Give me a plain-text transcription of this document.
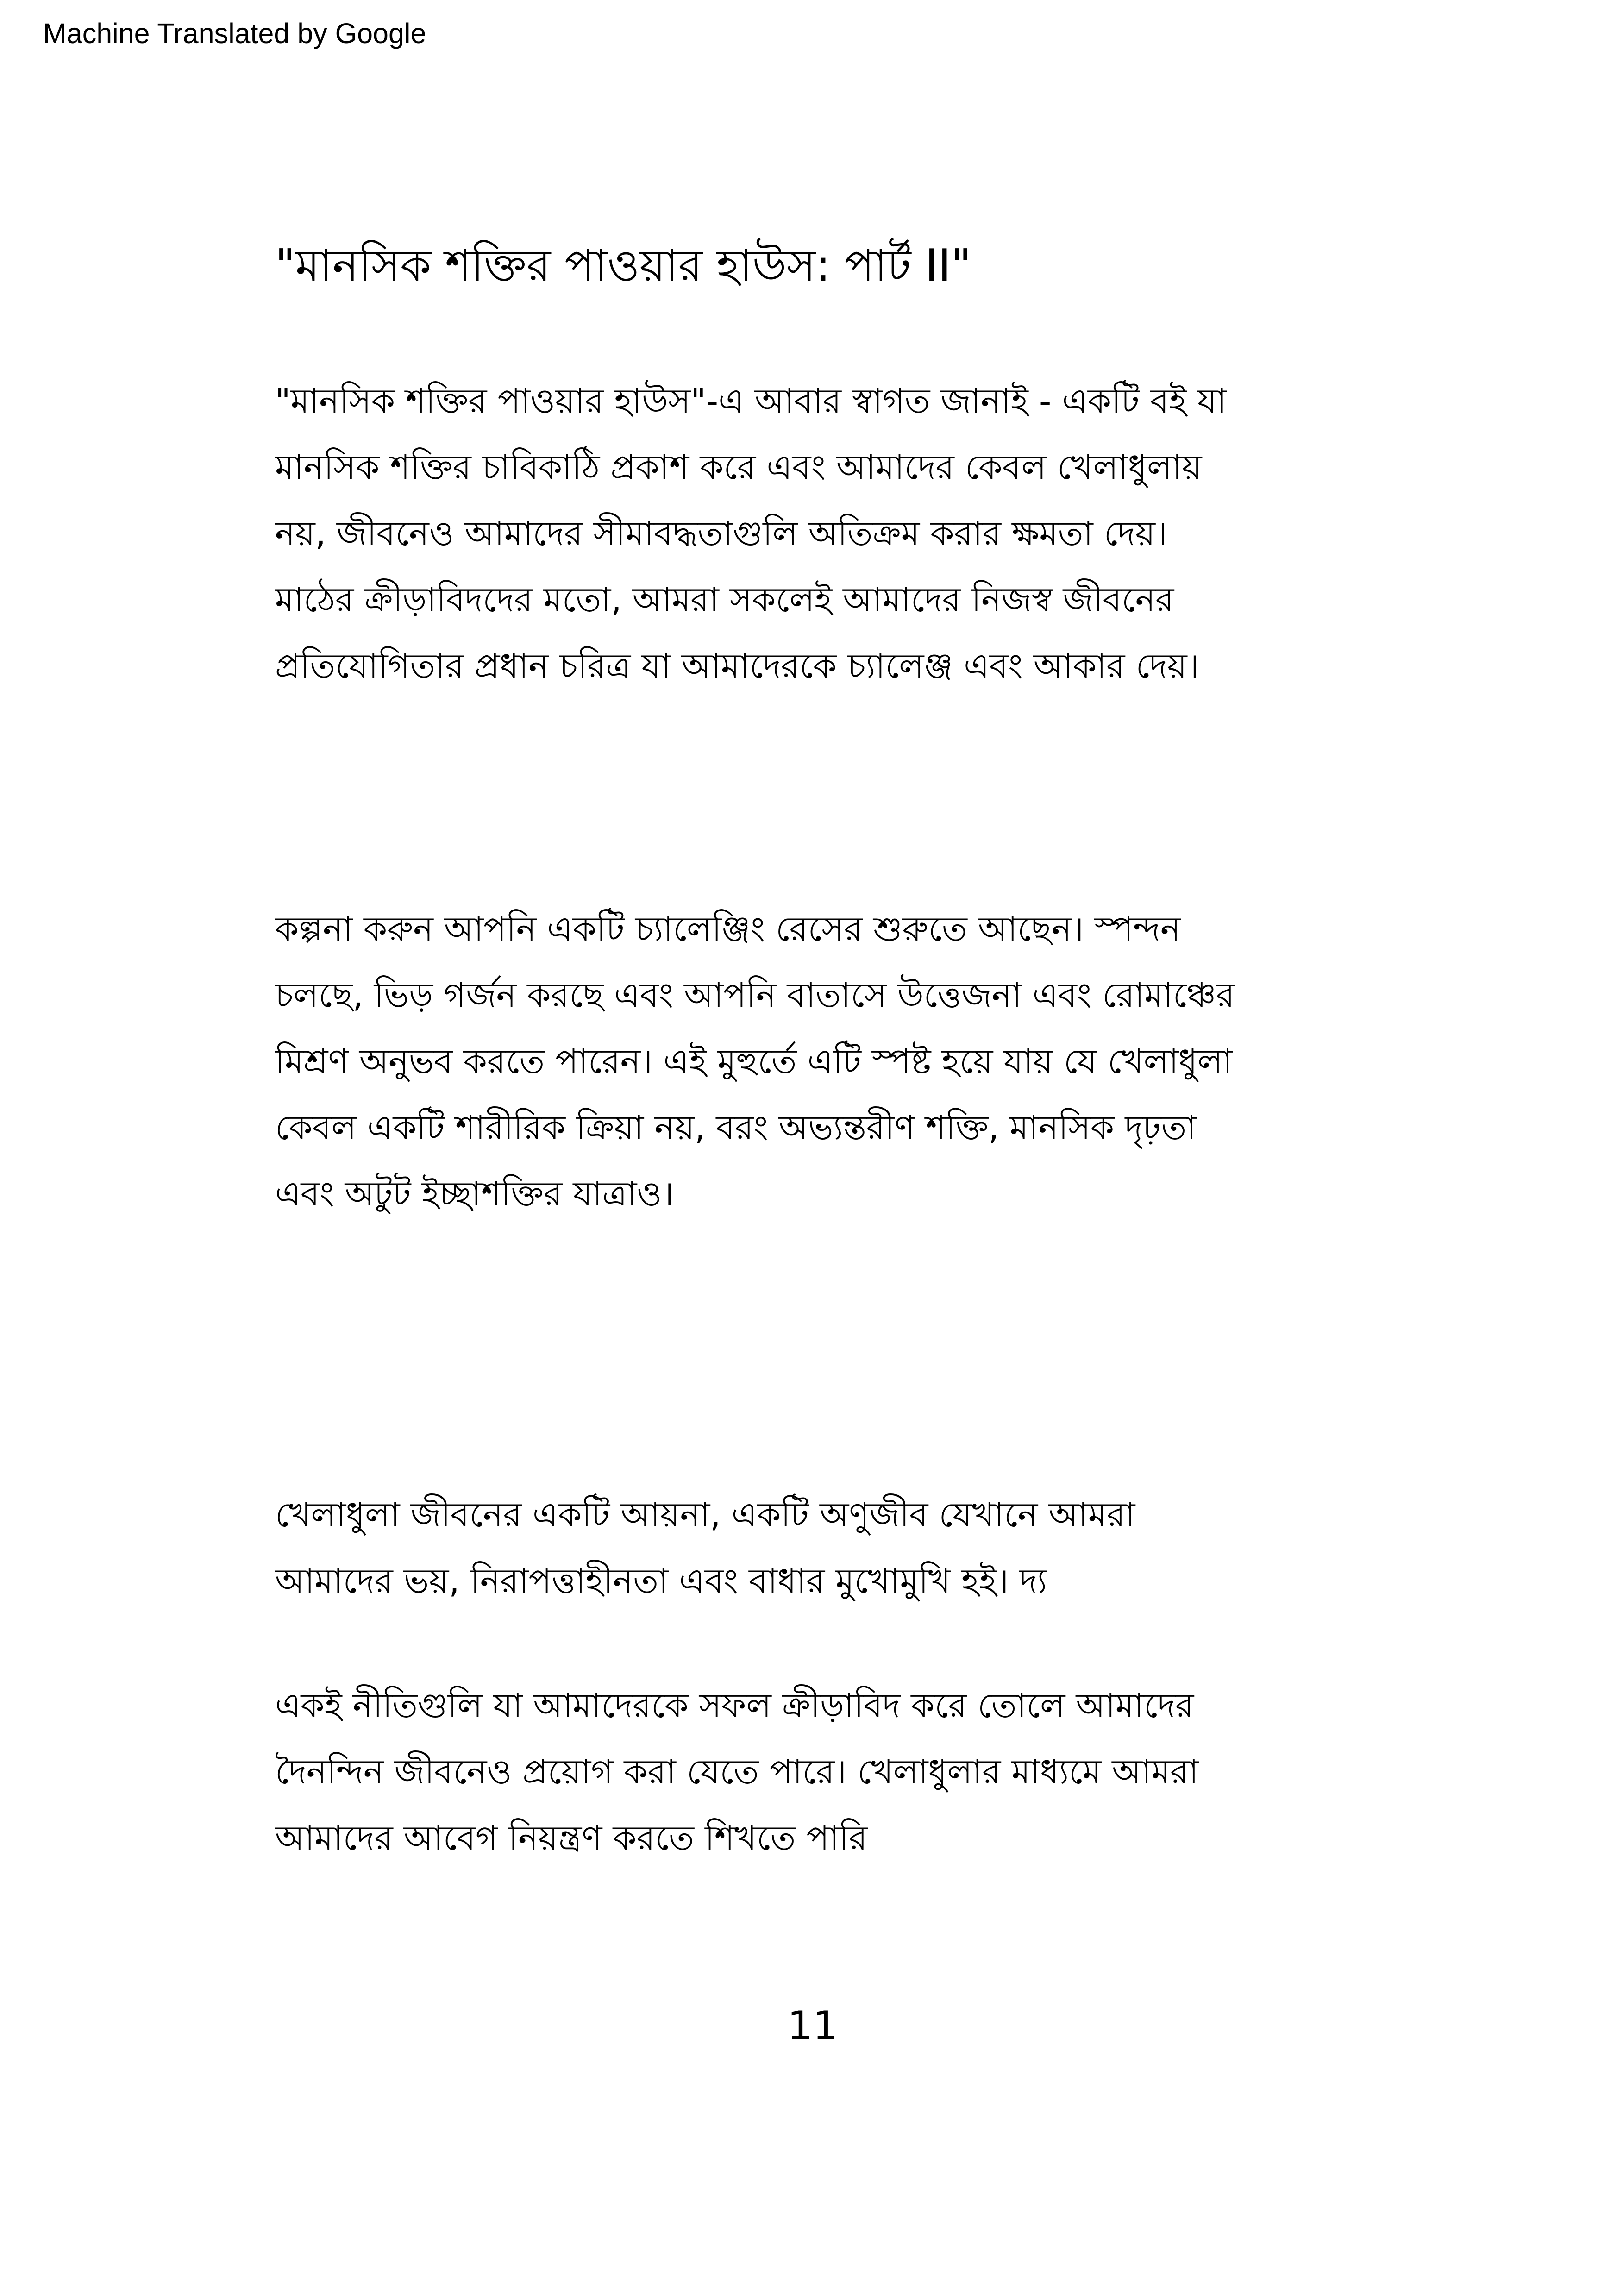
Machine Translated by Google
"মানসিক শক্তির পাওয়ার হাউস: পার্ট II"
"মানসিক শক্তির পাওয়ার হাউস"-এ আবার স্বাগত জানাই - একটি বই যা
মানসিক শক্তির চাবিকাঠি প্রকাশ করে এবং আমাদের কেবল খেলাধুলায়
নয়, জীবনেও আমাদের সীমাবদ্ধতাগুলি অতিক্রম করার ক্ষমতা দেয়।
মাঠের ক্রীড়াবিদদের মতো, আমরা সকলেই আমাদের নিজস্ব জীবনের
প্রতিযোগিতার প্রধান চরিত্র যা আমাদেরকে চ্যালেঞ্জ এবং আকার দেয়।
কল্পনা করুন আপনি একটি চ্যালেঞ্জিং রেসের শুরুতে আছেন। স্পন্দন
চলছে, ভিড় গর্জন করছে এবং আপনি বাতাসে উত্তেজনা এবং রোমাঞ্চের
মিশ্রণ অনুভব করতে পারেন। এই মুহুর্তে এটি স্পষ্ট হয়ে যায় যে খেলাধুলা
কেবল একটি শারীরিক ক্রিয়া নয়, বরং অভ্যন্তরীণ শক্তি, মানসিক দৃঢ়তা
এবং অটুট ইচ্ছাশক্তির যাত্রাও।
খেলাধুলা জীবনের একটি আয়না, একটি অণুজীব যেখানে আমরা
আমাদের ভয়, নিরাপত্তাহীনতা এবং বাধার মুখোমুখি হই। দ্য
একই নীতিগুলি যা আমাদেরকে সফল ক্রীড়াবিদ করে তোলে আমাদের
দৈনন্দিন জীবনেও প্রয়োগ করা যেতে পারে। খেলাধুলার মাধ্যমে আমরা
আমাদের আবেগ নিয়ন্ত্রণ করতে শিখতে পারি
11
